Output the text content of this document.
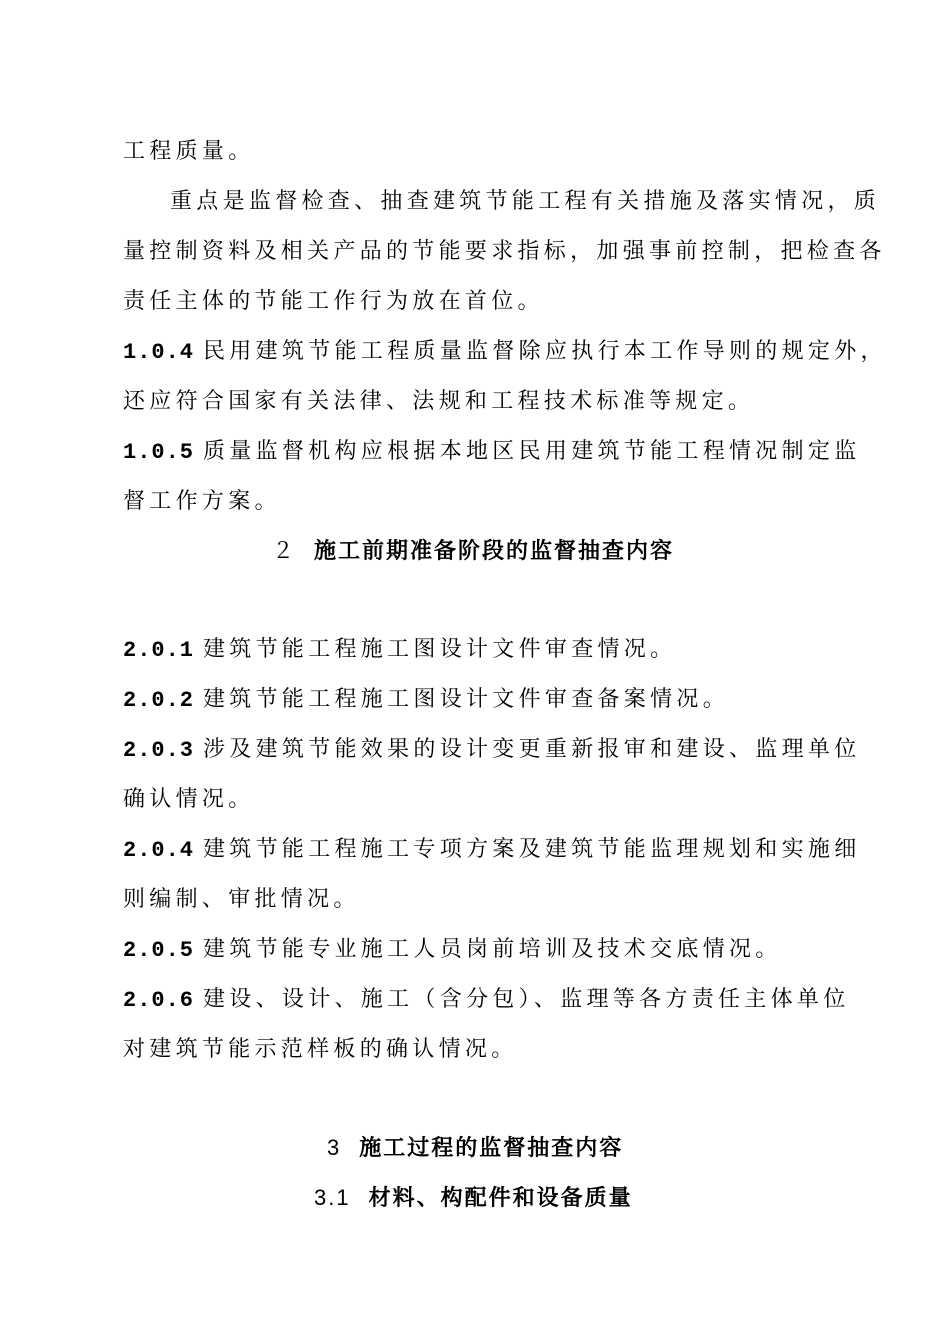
工程质量。
重点是监督检查、抽查建筑节能工程有关措施及落实情况，质
量控制资料及相关产品的节能要求指标，加强事前控制，把检查各
责任主体的节能工作行为放在首位。
1.0.4 民用建筑节能工程质量监督除应执行本工作导则的规定外，
还应符合国家有关法律、法规和工程技术标准等规定。
1.0.5 质量监督机构应根据本地区民用建筑节能工程情况制定监
督工作方案。
２ 施工前期准备阶段的监督抽查内容
2.0.1 建筑节能工程施工图设计文件审查情况。
2.0.2 建筑节能工程施工图设计文件审查备案情况。
2.0.3 涉及建筑节能效果的设计变更重新报审和建设、监理单位
确认情况。
2.0.4 建筑节能工程施工专项方案及建筑节能监理规划和实施细
则编制、审批情况。
2.0.5 建筑节能专业施工人员岗前培训及技术交底情况。
2.0.6 建设、设计、施工（含分包）、监理等各方责任主体单位
对建筑节能示范样板的确认情况。
3 施工过程的监督抽查内容
3.1 材料、构配件和设备质量
